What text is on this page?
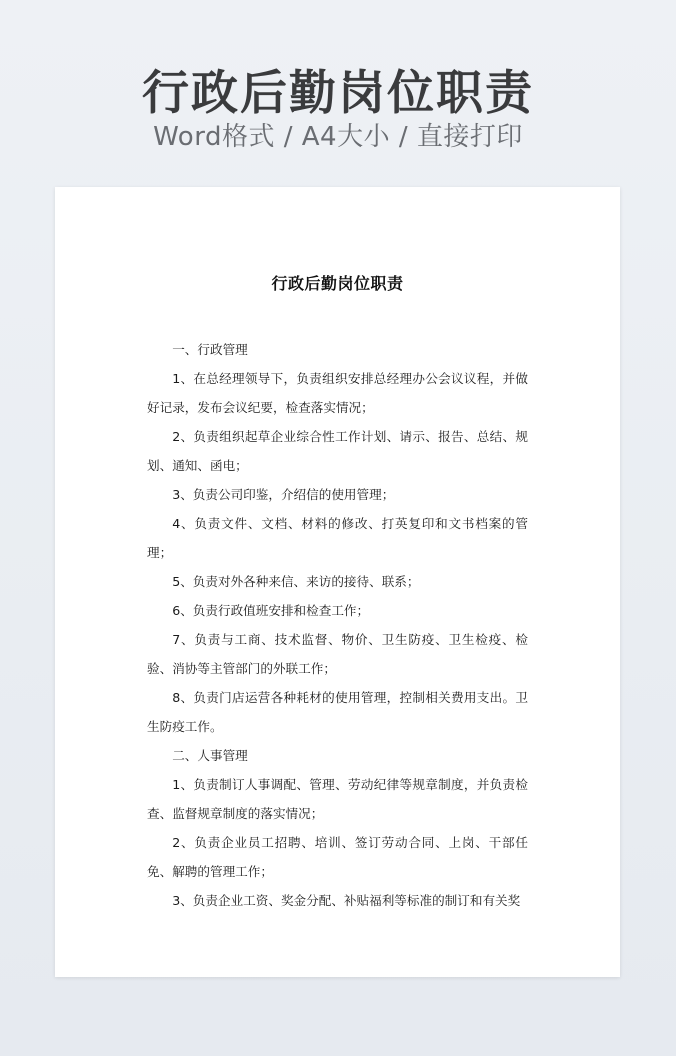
行政后勤岗位职责
Word格式 / A4大小 / 直接打印
行政后勤岗位职责

一、行政管理

1、在总经理领导下，负责组织安排总经理办公会议议程，并做好记录，发布会议纪要，检查落实情况；

2、负责组织起草企业综合性工作计划、请示、报告、总结、规划、通知、函电；

3、负责公司印鉴，介绍信的使用管理；

4、负责文件、文档、材料的修改、打英复印和文书档案的管理；

5、负责对外各种来信、来访的接待、联系；

6、负责行政值班安排和检查工作；

7、负责与工商、技术监督、物价、卫生防疫、卫生检疫、检验、消协等主管部门的外联工作；

8、负责门店运营各种耗材的使用管理，控制相关费用支出。卫生防疫工作。

二、人事管理

1、负责制订人事调配、管理、劳动纪律等规章制度，并负责检查、监督规章制度的落实情况；

2、负责企业员工招聘、培训、签订劳动合同、上岗、干部任免、解聘的管理工作；

3、负责企业工资、奖金分配、补贴福利等标准的制订和有关奖
